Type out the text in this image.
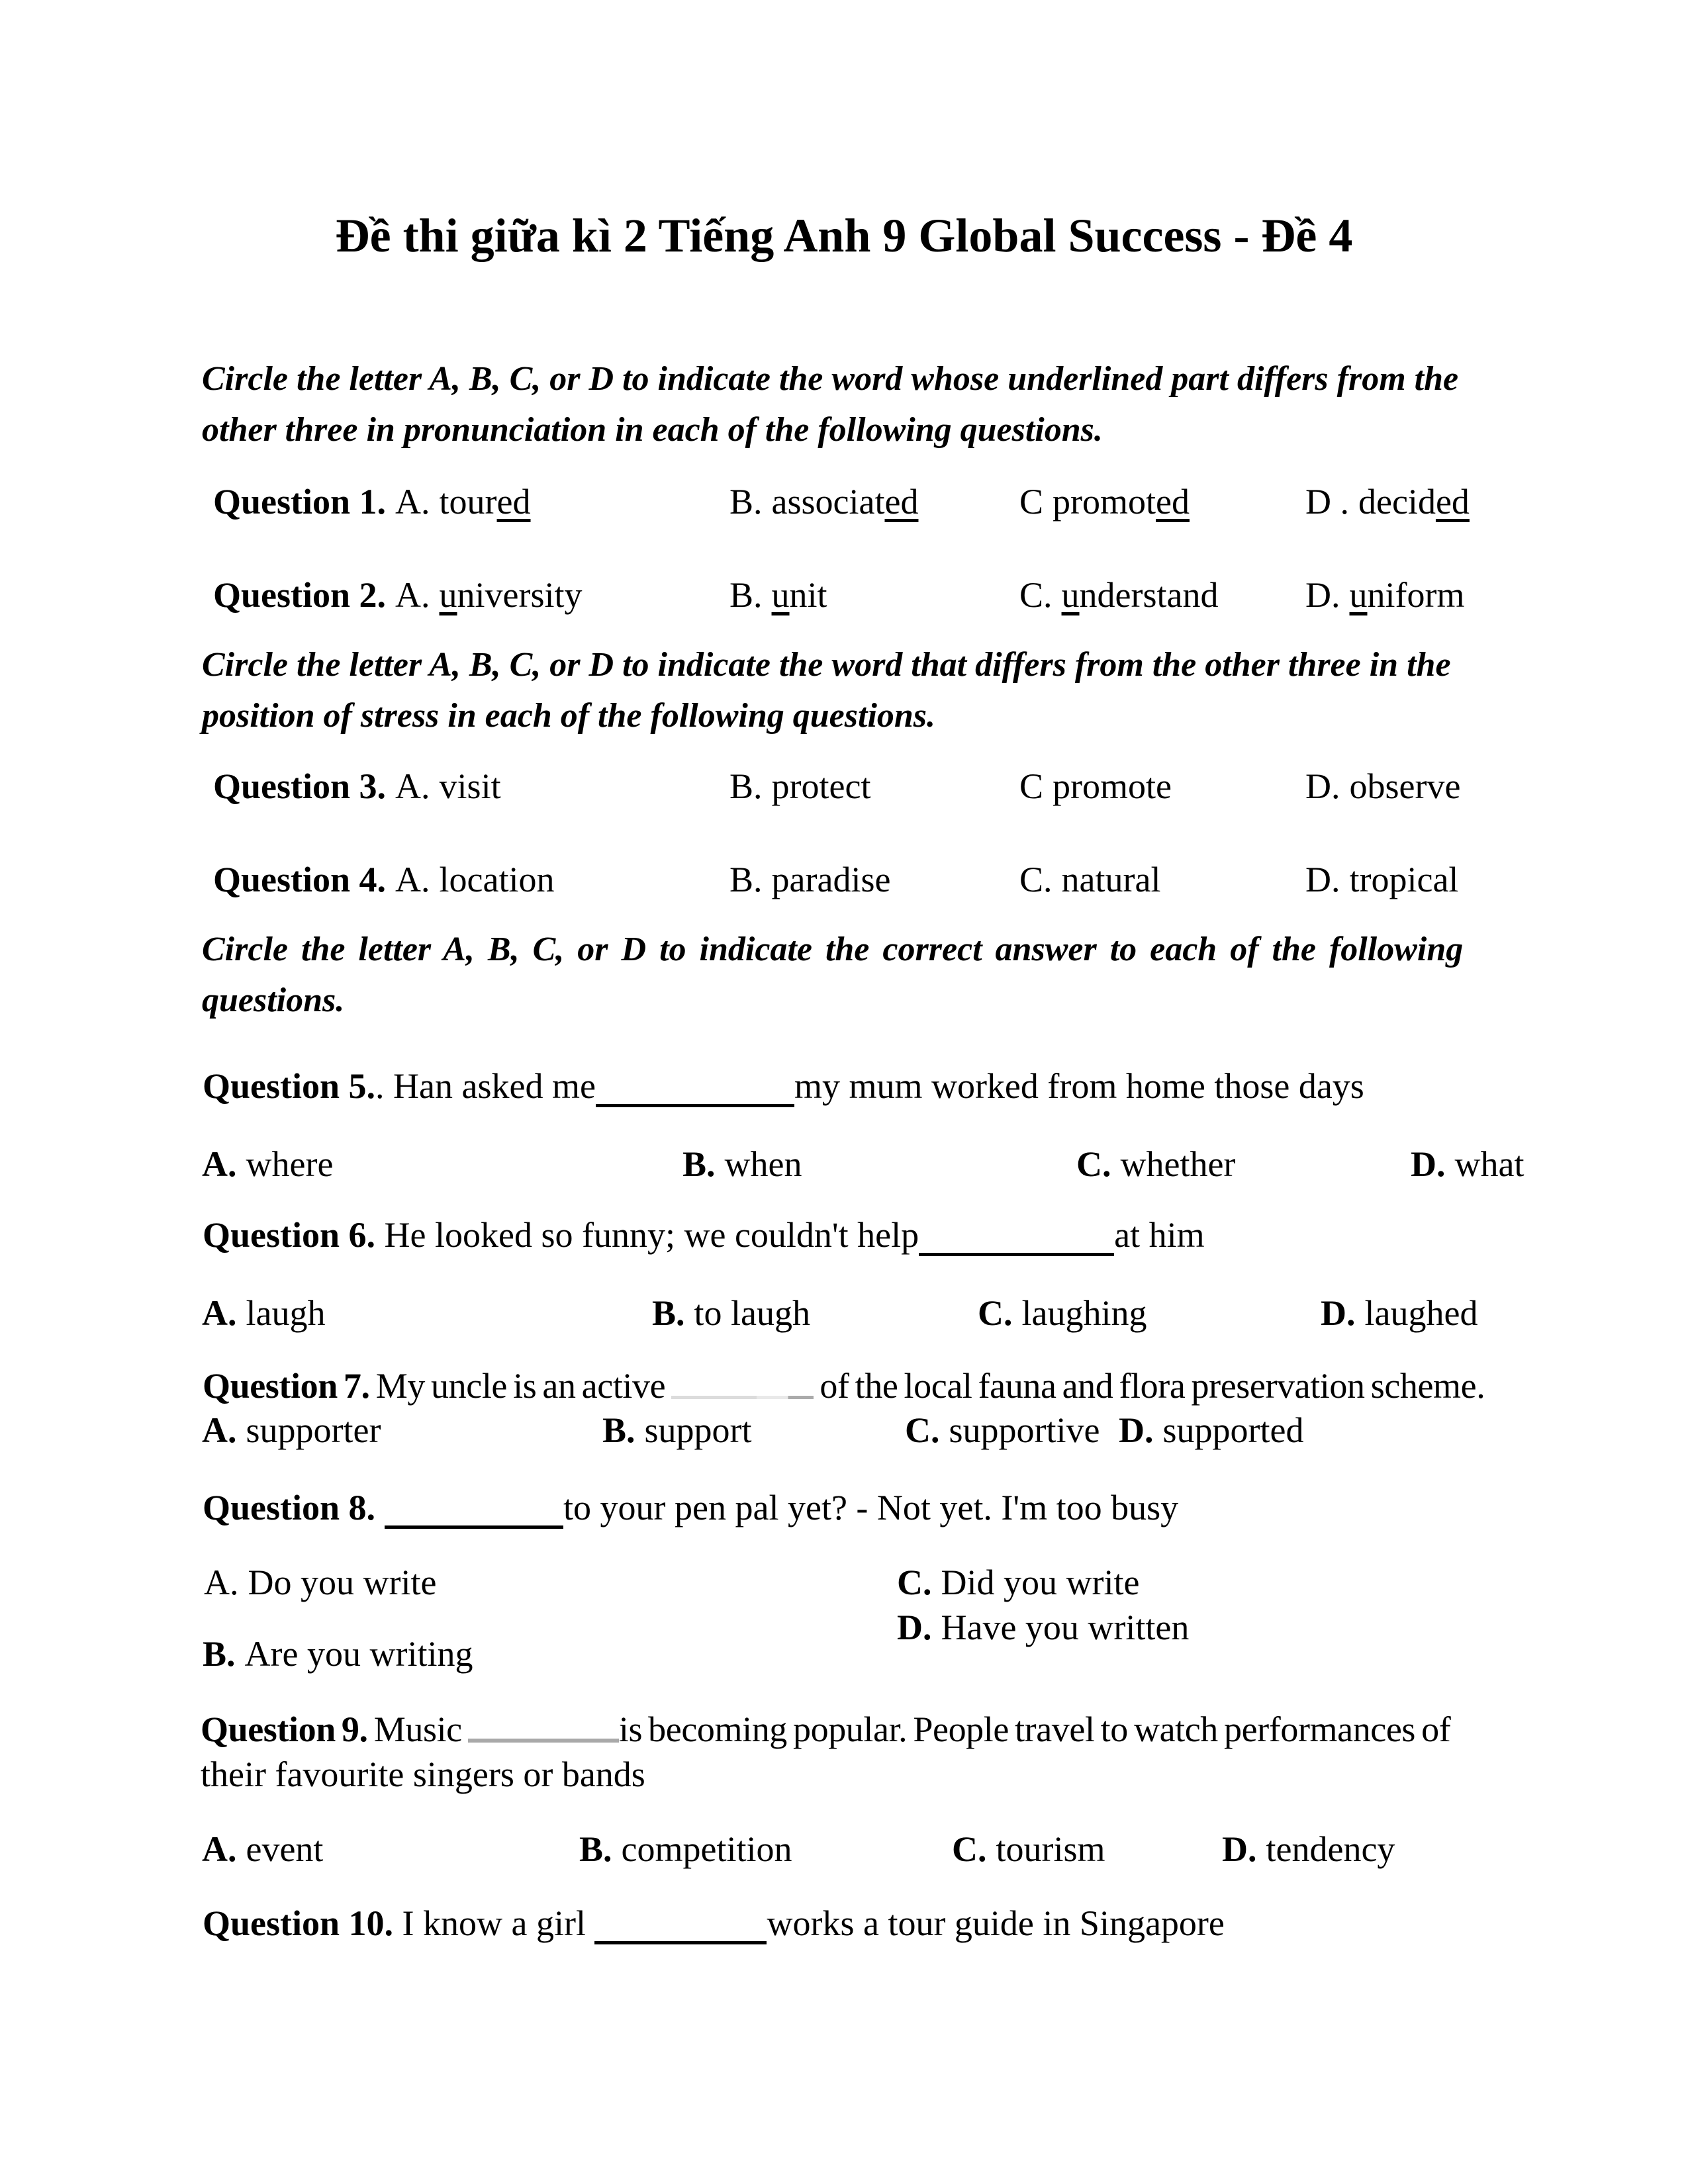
Đề thi giữa kì 2 Tiếng Anh 9 Global Success - Đề 4
Circle the letter A, B, C, or D to indicate the word whose underlined part differs from the
other three in pronunciation in each of the following questions.
Question 1. A. toured	B. associated	C promoted	D . decided
Question 2. A. university	B. unit	C. understand D. uniform
Circle the letter A, B, C, or D to indicate the word that differs from the other three in the
position of stress in each of the following questions.
Question 3. A. visit	B. protect	C promote	D. observe
Question 4. A. location	B. paradise	C. natural	D. tropical
Circle the letter A, B, C, or D to indicate the correct answer to each of the following
questions.
Question 5.. Han asked me	my mum worked from home those days
A. where	B. when	C. whether	D. what
Question 6. He looked so funny; we couldn't help	at him
A. laugh	B. to laugh	C. laughing	D. laughed
Question 7. My uncle is an active	of the local fauna and flora preservation scheme.
A. supporter	B. support	C. supportive D. supported
Question 8.	to your pen pal yet? - Not yet. I'm too busy
A. Do you write	C. Did you write
D. Have you written
B. Are you writing
Question 9. Music	is becoming popular. People travel to watch performances of
their favourite singers or bands
A. event	B. competition	C. tourism	D. tendency
Question 10. I know a girl	works a tour guide in Singapore
